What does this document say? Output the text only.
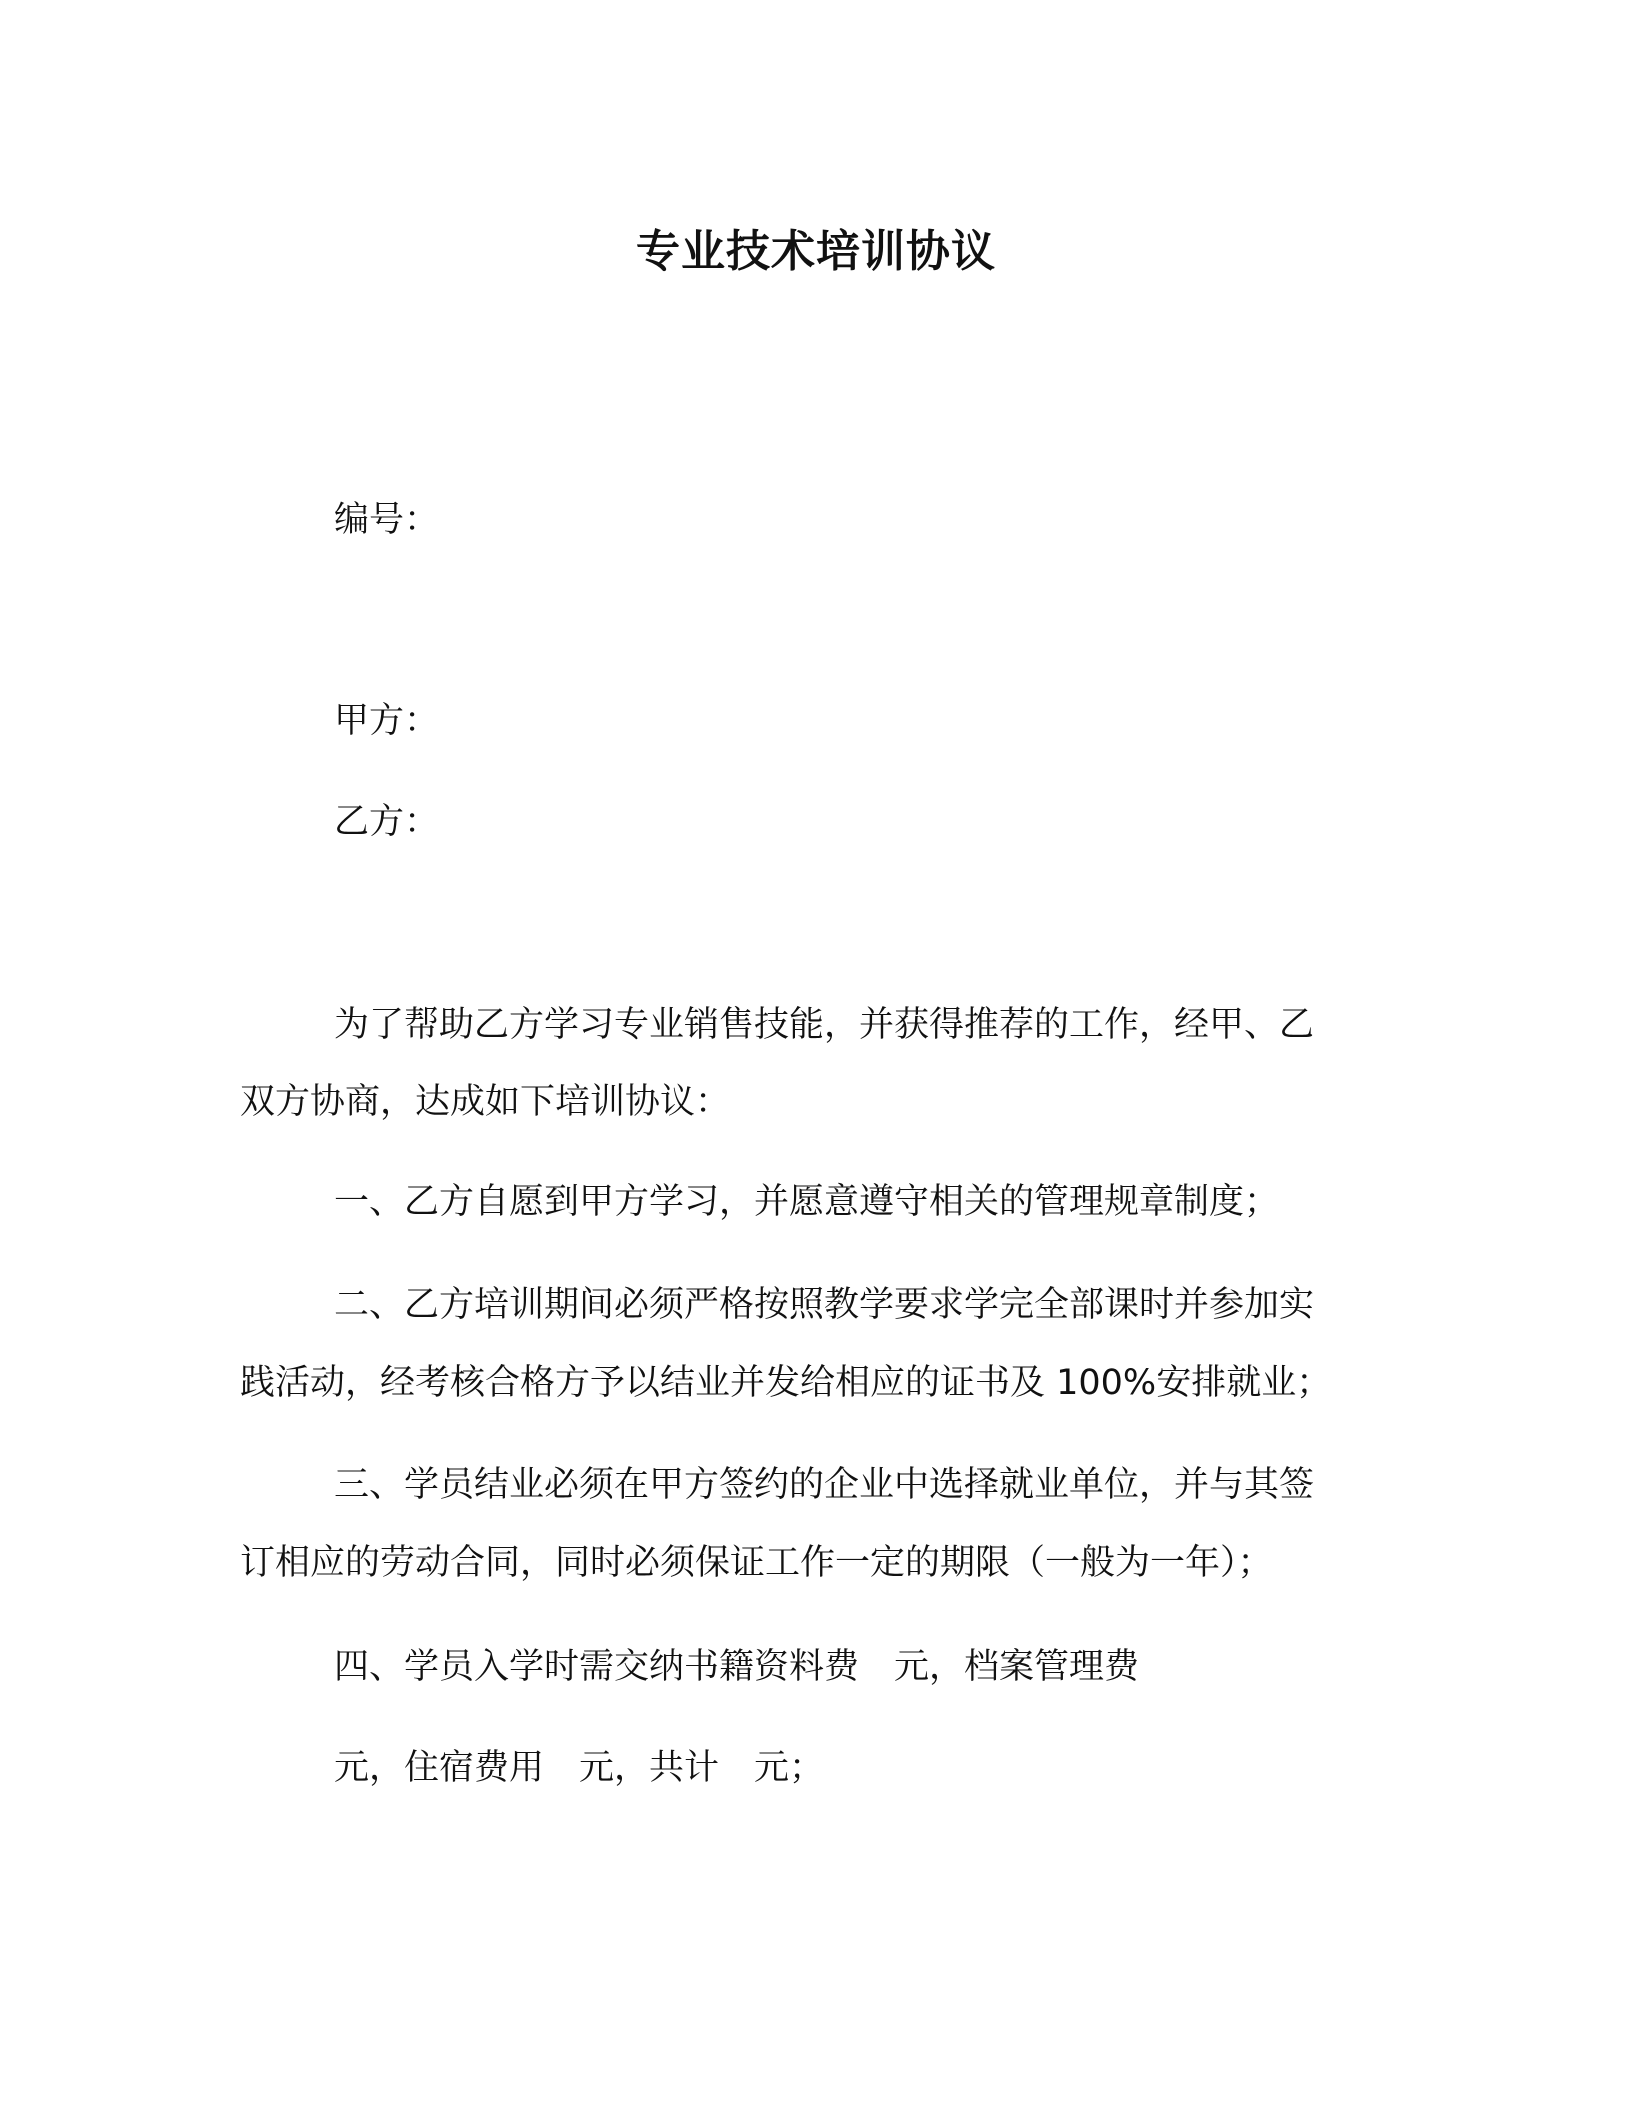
专业技术培训协议

编号：

甲方：

乙方：

为了帮助乙方学习专业销售技能，并获得推荐的工作，经甲、乙

双方协商，达成如下培训协议：

一、乙方自愿到甲方学习，并愿意遵守相关的管理规章制度；

二、乙方培训期间必须严格按照教学要求学完全部课时并参加实

践活动，经考核合格方予以结业并发给相应的证书及 100%安排就业；

三、学员结业必须在甲方签约的企业中选择就业单位，并与其签

订相应的劳动合同，同时必须保证工作一定的期限（一般为一年）；

四、学员入学时需交纳书籍资料费　元，档案管理费

元，住宿费用　元，共计　元；
